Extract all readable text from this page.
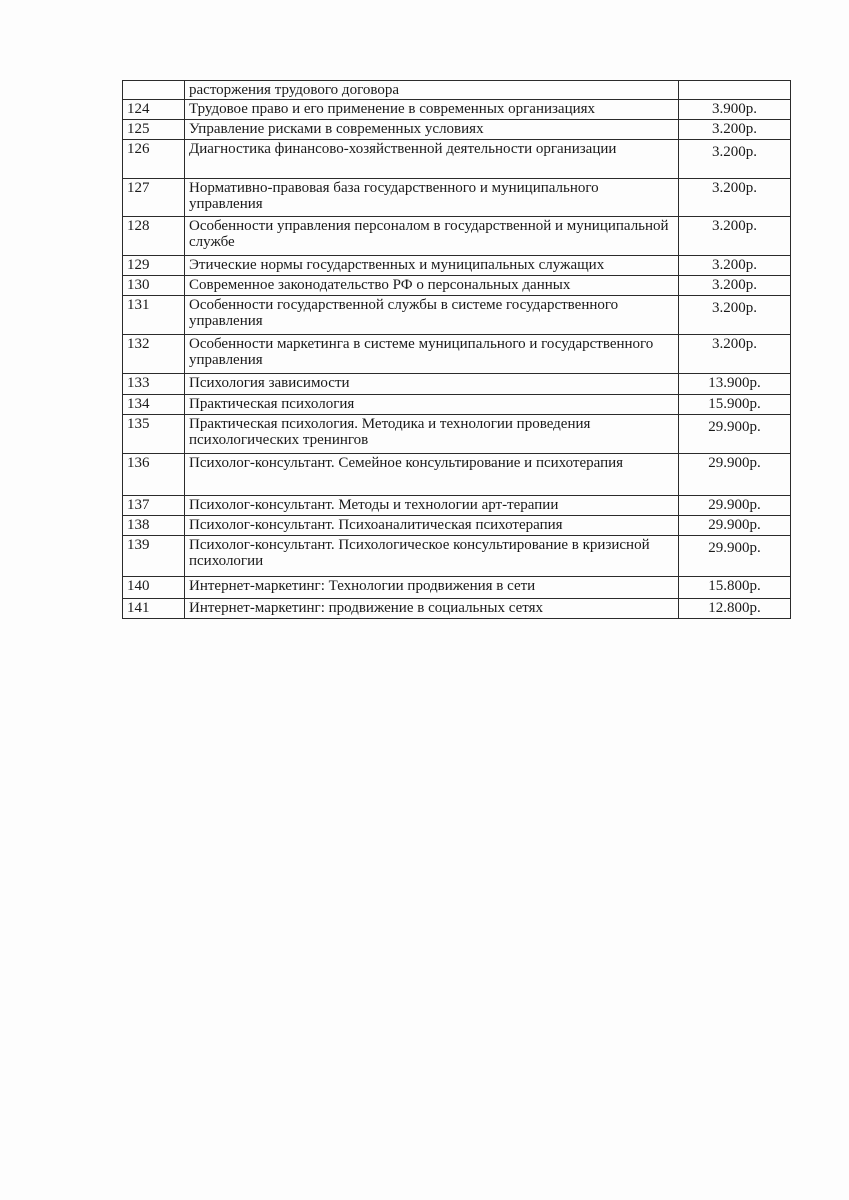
	расторжения трудового договора	
124	Трудовое право и его применение в современных организациях	3.900р.
125	Управление рисками в современных условиях	3.200р.
126	Диагностика финансово-хозяйственной деятельности организации	3.200р.
127	Нормативно-правовая база государственного и муниципального управления	3.200р.
128	Особенности управления персоналом в государственной и муниципальной службе	3.200р.
129	Этические нормы государственных и муниципальных служащих	3.200р.
130	Современное законодательство РФ о персональных данных	3.200р.
131	Особенности государственной службы в системе государственного управления	3.200р.
132	Особенности маркетинга в системе муниципального и государственного управления	3.200р.
133	Психология зависимости	13.900р.
134	Практическая психология	15.900р.
135	Практическая психология. Методика и технологии проведения психологических тренингов	29.900р.
136	Психолог-консультант. Семейное консультирование и психотерапия	29.900р.
137	Психолог-консультант. Методы и технологии арт-терапии	29.900р.
138	Психолог-консультант. Психоаналитическая психотерапия	29.900р.
139	Психолог-консультант. Психологическое консультирование в кризисной психологии	29.900р.
140	Интернет-маркетинг: Технологии продвижения в сети	15.800р.
141	Интернет-маркетинг: продвижение в социальных сетях	12.800р.
